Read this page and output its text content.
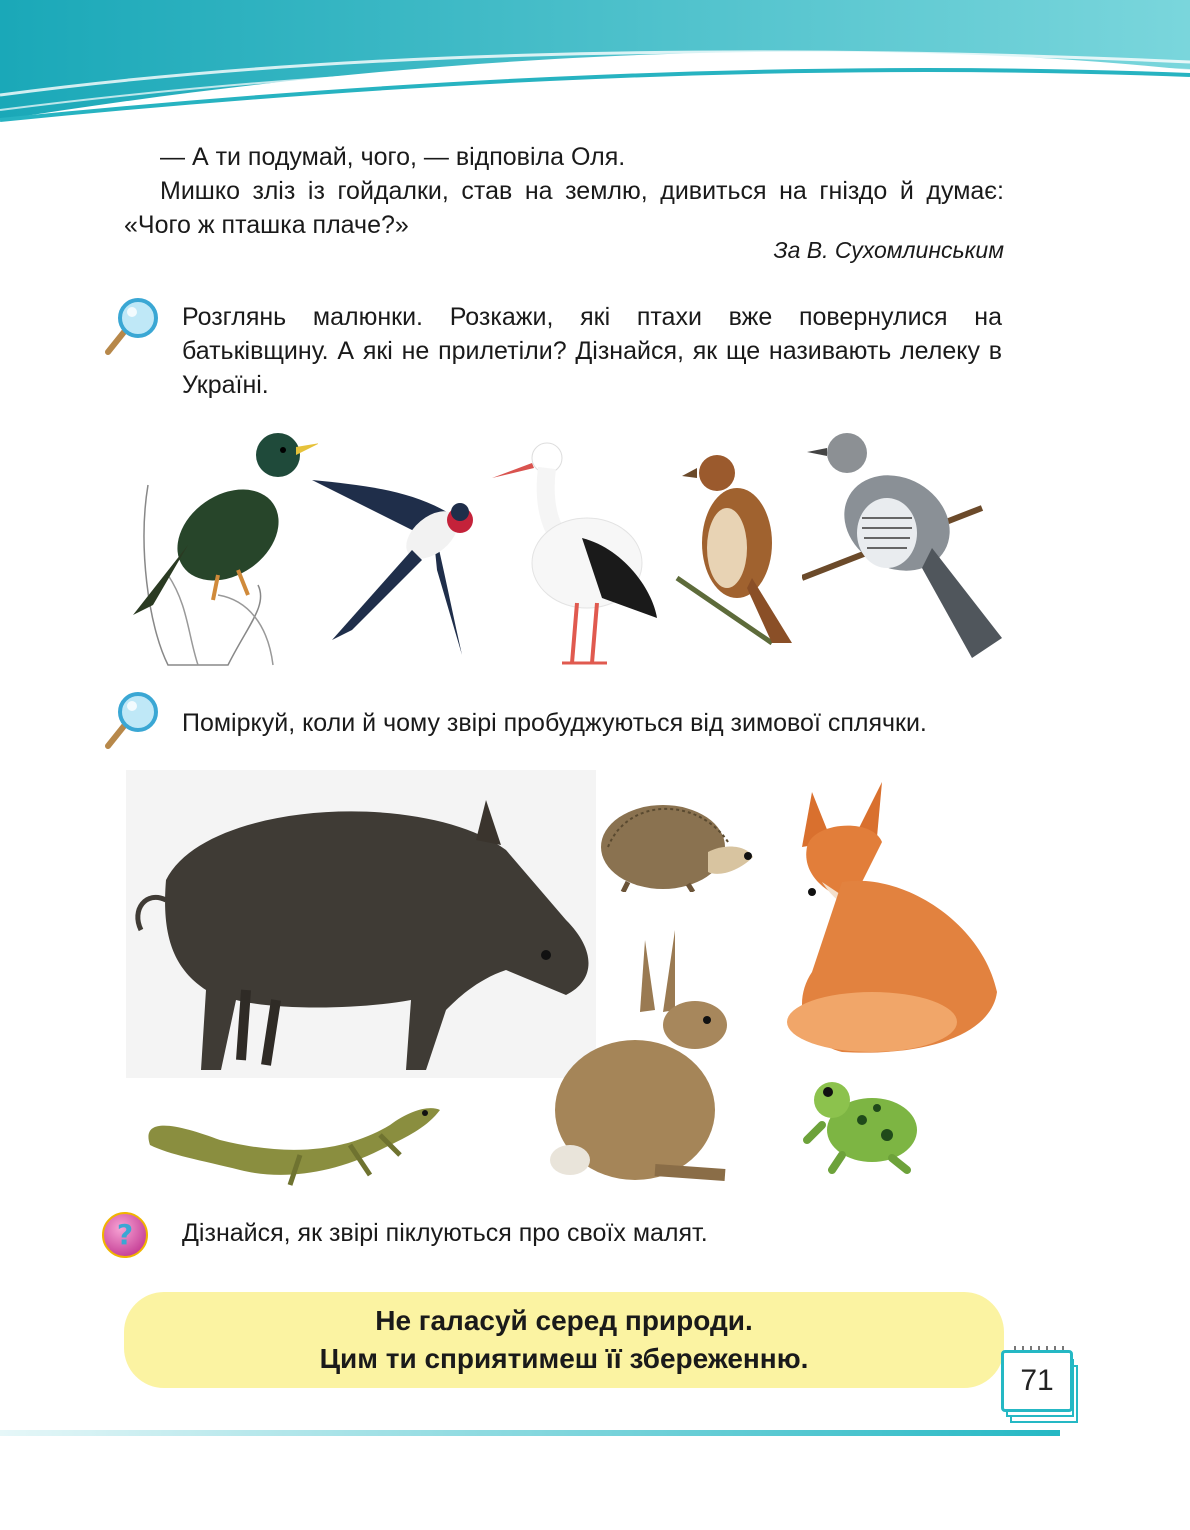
— А ти подумай, чого, — відповіла Оля.

Мишко зліз із гойдалки, став на землю, дивиться на гніздо й думає: «Чого ж пташка плаче?»

За В. Сухомлинським
Розглянь малюнки. Розкажи, які птахи вже повернулися на батьківщину. А які не прилетіли? Дізнайся, як ще називають лелеку в Україні.
Поміркуй, коли й чому звірі пробуджуються від зимової сплячки.
? Дізнайся, як звірі піклуються про своїх малят.
Не галасуй серед природи.
Цим ти сприятимеш її збереженню.
71
